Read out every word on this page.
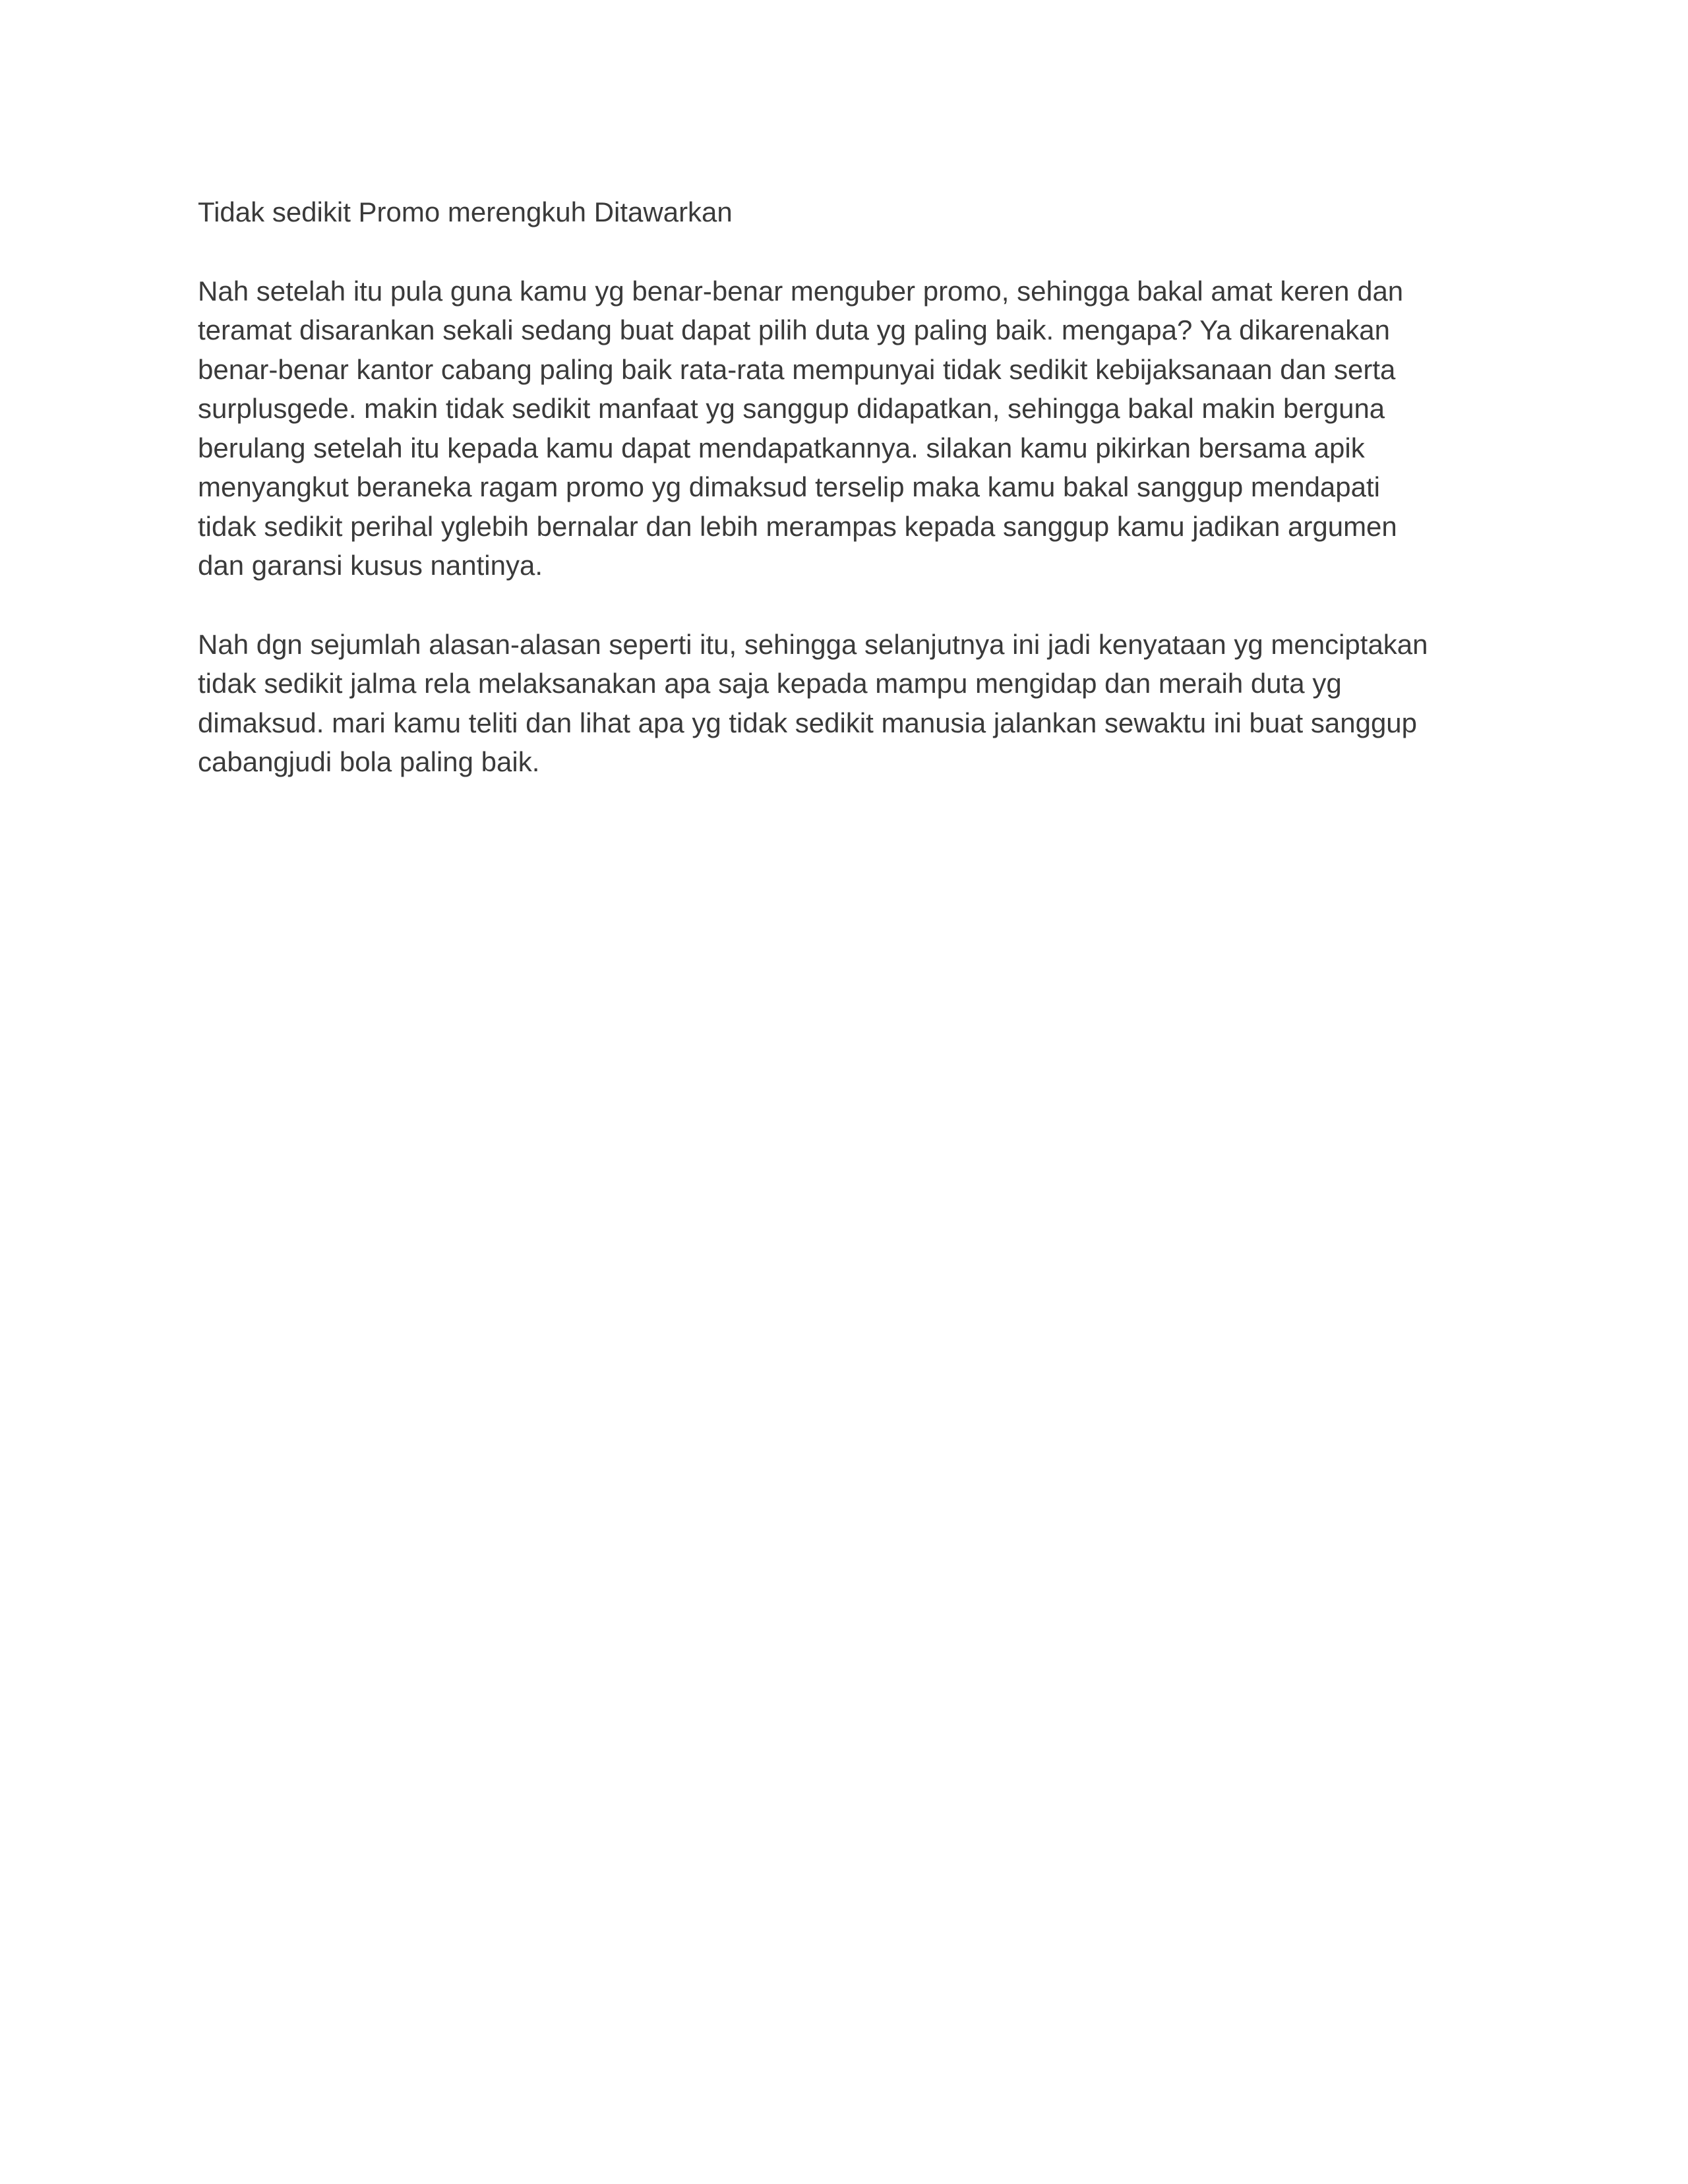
Tidak sedikit Promo merengkuh Ditawarkan

Nah setelah itu pula guna kamu yg benar-benar menguber promo, sehingga bakal amat keren dan
teramat disarankan sekali sedang buat dapat pilih duta yg paling baik. mengapa? Ya dikarenakan
benar-benar kantor cabang paling baik rata-rata mempunyai tidak sedikit kebijaksanaan dan serta
surplusgede. makin tidak sedikit manfaat yg sanggup didapatkan, sehingga bakal makin berguna
berulang setelah itu kepada kamu dapat mendapatkannya. silakan kamu pikirkan bersama apik
menyangkut beraneka ragam promo yg dimaksud terselip maka kamu bakal sanggup mendapati
tidak sedikit perihal yglebih bernalar dan lebih merampas kepada sanggup kamu jadikan argumen
dan garansi kusus nantinya.

Nah dgn sejumlah alasan-alasan seperti itu, sehingga selanjutnya ini jadi kenyataan yg menciptakan
tidak sedikit jalma rela melaksanakan apa saja kepada mampu mengidap dan meraih duta yg
dimaksud. mari kamu teliti dan lihat apa yg tidak sedikit manusia jalankan sewaktu ini buat sanggup
cabangjudi bola paling baik.
